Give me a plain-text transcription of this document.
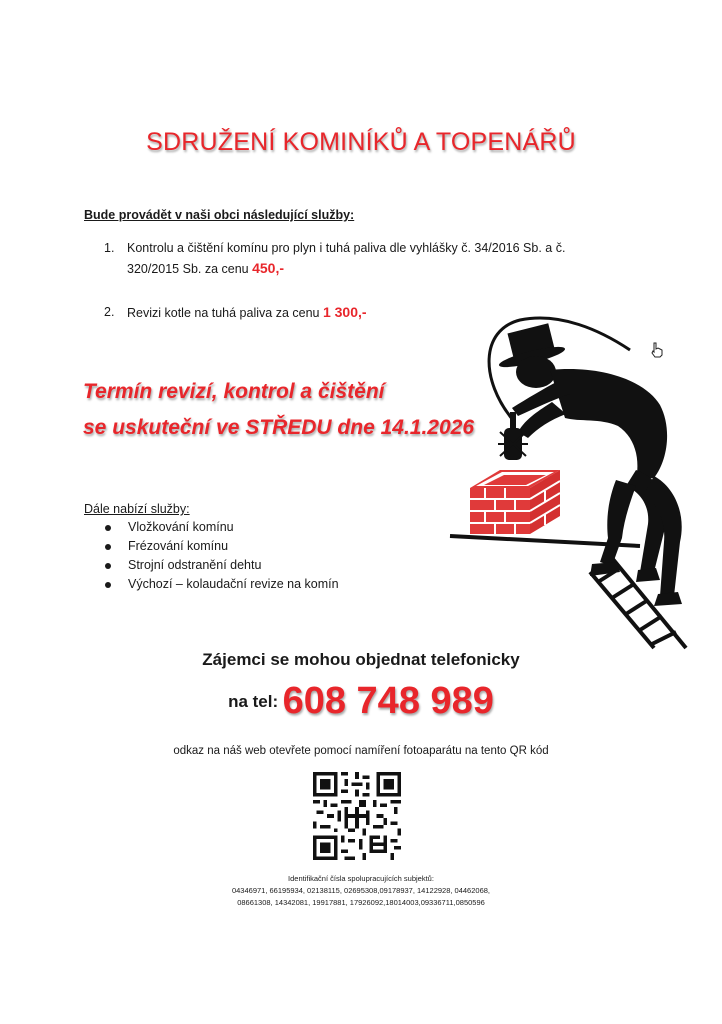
SDRUŽENÍ KOMINÍKŮ A TOPENÁŘŮ
Bude provádět v naši obci následující služby:
1.	Kontrolu a čištění komínu pro plyn i tuhá paliva dle vyhlášky č. 34/2016 Sb. a č.
320/2015 Sb. za cenu 450,-
2.	Revizi kotle na tuhá paliva za cenu 1 300,-
Termín revizí, kontrol a čištění
se uskuteční ve STŘEDU dne 14.1.2026
Dále nabízí služby:
Vložkování komínu
Frézování komínu
Strojní odstranění dehtu
Výchozí – kolaudační revize na komín
Zájemci se mohou objednat telefonicky
na tel: 608 748 989
odkaz na náš web otevřete pomocí namíření fotoaparátu na tento QR kód
Identifikační čísla spolupracujících subjektů:
04346971, 66195934, 02138115, 02695308,09178937, 14122928, 04462068,
08661308, 14342081, 19917881, 17926092,18014003,09336711,0850596
